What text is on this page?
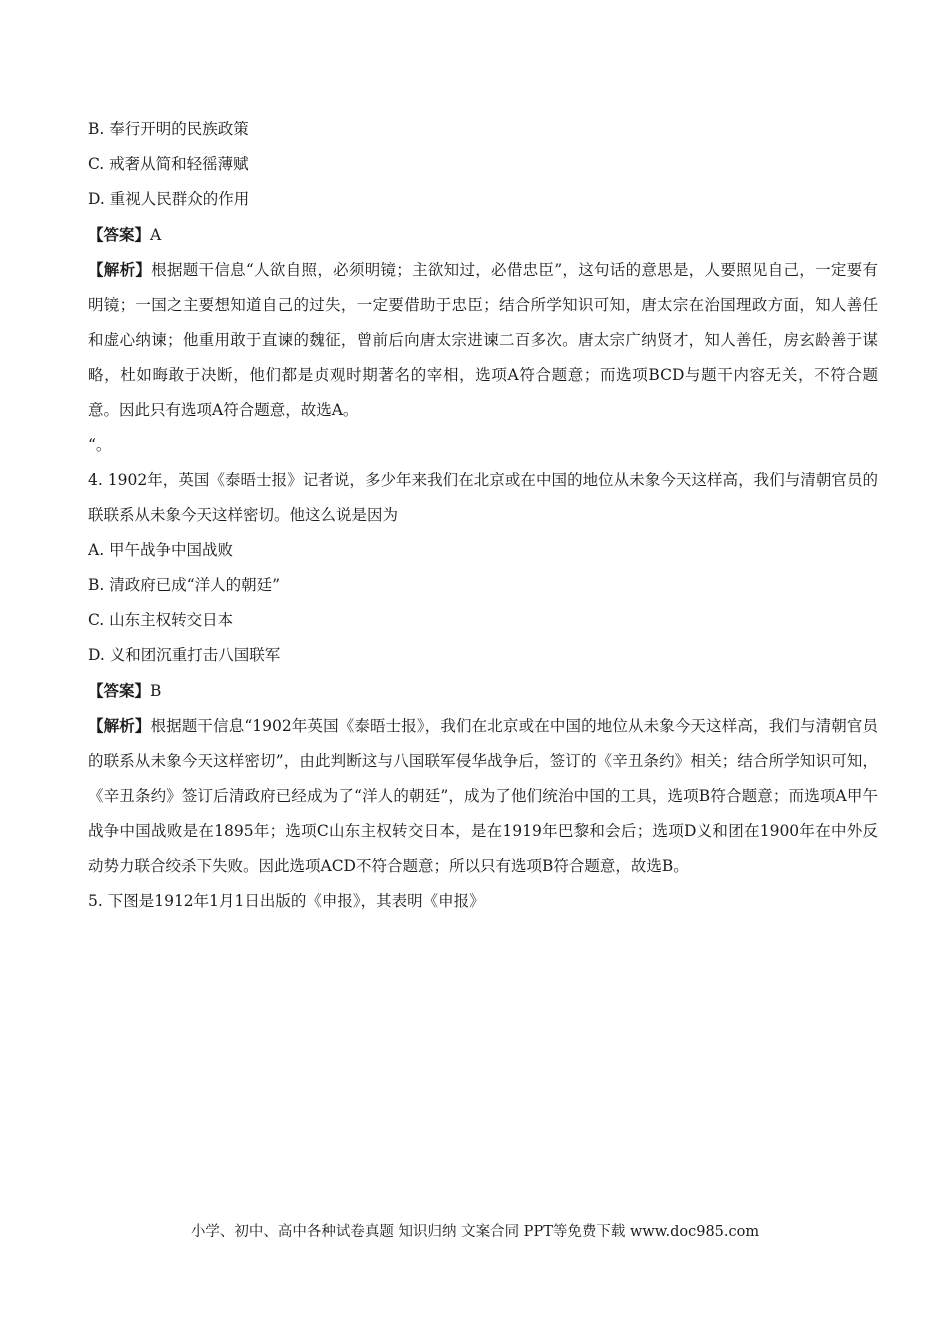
B. 奉行开明的民族政策
C. 戒奢从简和轻徭薄赋
D. 重视人民群众的作用
【答案】A
【解析】根据题干信息“人欲自照，必须明镜；主欲知过，必借忠臣”，这句话的意思是，人要照见自己，一定要有明镜；一国之主要想知道自己的过失，一定要借助于忠臣；结合所学知识可知，唐太宗在治国理政方面，知人善任和虚心纳谏；他重用敢于直谏的魏征，曾前后向唐太宗进谏二百多次。唐太宗广纳贤才，知人善任，房玄龄善于谋略，杜如晦敢于决断，他们都是贞观时期著名的宰相，选项A符合题意；而选项BCD与题干内容无关，不符合题意。因此只有选项A符合题意，故选A。
“。
4. 1902年，英国《泰晤士报》记者说，多少年来我们在北京或在中国的地位从未象今天这样高，我们与清朝官员的联联系从未象今天这样密切。他这么说是因为
A. 甲午战争中国战败
B. 清政府已成“洋人的朝廷”
C. 山东主权转交日本
D. 义和团沉重打击八国联军
【答案】B
【解析】根据题干信息“1902年英国《泰晤士报》，我们在北京或在中国的地位从未象今天这样高，我们与清朝官员的联系从未象今天这样密切”，由此判断这与八国联军侵华战争后，签订的《辛丑条约》相关；结合所学知识可知，《辛丑条约》签订后清政府已经成为了“洋人的朝廷”，成为了他们统治中国的工具，选项B符合题意；而选项A甲午战争中国战败是在1895年；选项C山东主权转交日本，是在1919年巴黎和会后；选项D义和团在1900年在中外反动势力联合绞杀下失败。因此选项ACD不符合题意；所以只有选项B符合题意，故选B。
5. 下图是1912年1月1日出版的《申报》，其表明《申报》
小学、初中、高中各种试卷真题 知识归纳 文案合同 PPT等免费下载 www.doc985.com
